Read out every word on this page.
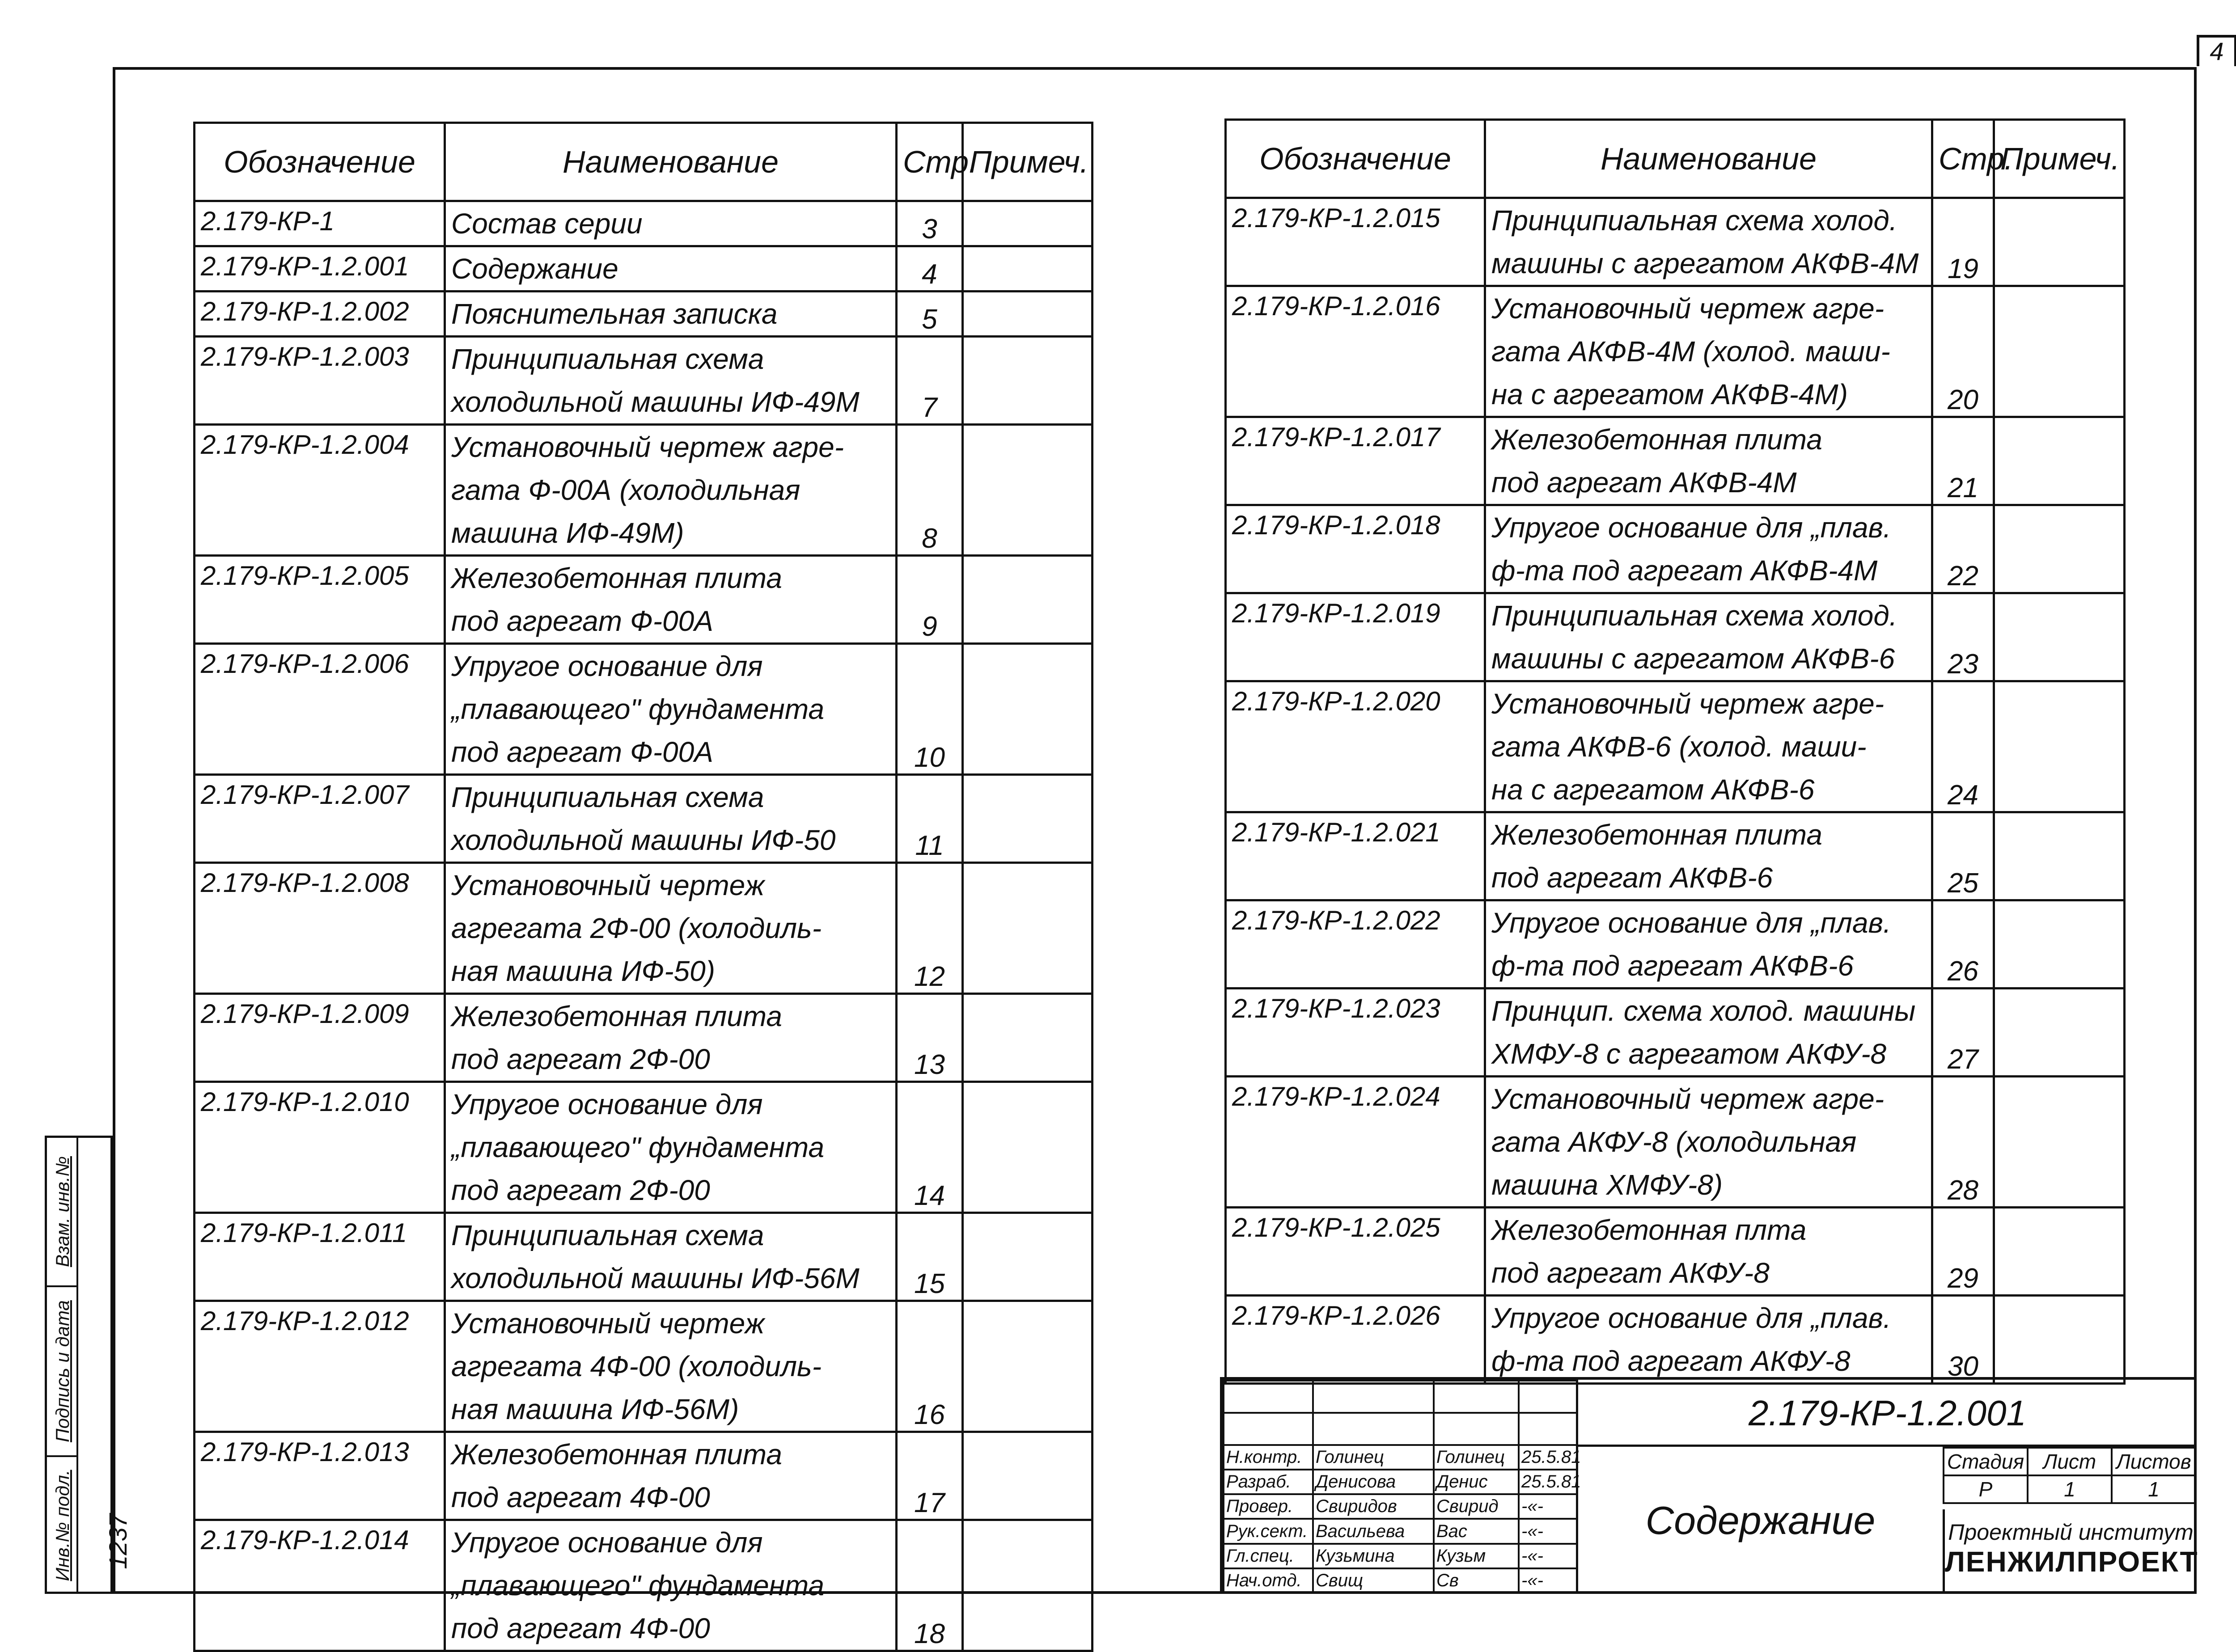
4
Обозначение	Наименование	Стр.	Примеч.
2.179-КР-1	Состав серии	3	
2.179-КР-1.2.001	Содержание	4	
2.179-КР-1.2.002	Пояснительная записка	5	
2.179-КР-1.2.003	Принципиальная схема
холодильной машины ИФ-49М	7	
2.179-КР-1.2.004	Установочный чертеж агре-
гата Ф-00А (холодильная
машина ИФ-49М)	8	
2.179-КР-1.2.005	Железобетонная плита
под агрегат Ф-00А	9	
2.179-КР-1.2.006	Упругое основание для
„плавающего" фундамента
под агрегат Ф-00А	10	
2.179-КР-1.2.007	Принципиальная схема
холодильной машины ИФ-50	11	
2.179-КР-1.2.008	Установочный чертеж
агрегата 2Ф-00 (холодиль-
ная машина ИФ-50)	12	
2.179-КР-1.2.009	Железобетонная плита
под агрегат 2Ф-00	13	
2.179-КР-1.2.010	Упругое основание для
„плавающего" фундамента
под агрегат 2Ф-00	14	
2.179-КР-1.2.011	Принципиальная схема
холодильной машины ИФ-56М	15	
2.179-КР-1.2.012	Установочный чертеж
агрегата 4Ф-00 (холодиль-
ная машина ИФ-56М)	16	
2.179-КР-1.2.013	Железобетонная плита
под агрегат 4Ф-00	17	
2.179-КР-1.2.014	Упругое основание для
„плавающего" фундамента
под агрегат 4Ф-00	18	
Обозначение	Наименование	Стр.	Примеч.
2.179-КР-1.2.015	Принципиальная схема холод.
машины с агрегатом АКФВ-4М	19	
2.179-КР-1.2.016	Установочный чертеж агре-
гата АКФВ-4М (холод. маши-
на с агрегатом АКФВ-4М)	20	
2.179-КР-1.2.017	Железобетонная плита
под агрегат АКФВ-4М	21	
2.179-КР-1.2.018	Упругое основание для „плав.
ф-та под агрегат АКФВ-4М	22	
2.179-КР-1.2.019	Принципиальная схема холод.
машины с агрегатом АКФВ-6	23	
2.179-КР-1.2.020	Установочный чертеж агре-
гата АКФВ-6 (холод. маши-
на с агрегатом АКФВ-6	24	
2.179-КР-1.2.021	Железобетонная плита
под агрегат АКФВ-6	25	
2.179-КР-1.2.022	Упругое основание для „плав.
ф-та под агрегат АКФВ-6	26	
2.179-КР-1.2.023	Принцип. схема холод. машины
ХМФУ-8 с агрегатом АКФУ-8	27	
2.179-КР-1.2.024	Установочный чертеж агре-
гата АКФУ-8 (холодильная
машина ХМФУ-8)	28	
2.179-КР-1.2.025	Железобетонная плта
под агрегат АКФУ-8	29	
2.179-КР-1.2.026	Упругое основание для „плав.
ф-та под агрегат АКФУ-8	30	

Н.контр.	Голинец	Голинец	25.5.81
Разраб.	Денисова	Денис	25.5.81
Провер.	Свиридов	Свирид	-«-
Рук.сект.	Васильева	Вас	-«-
Гл.спец.	Кузьмина	Кузьм	-«-
Нач.отд.	Свищ	Св	-«-
2.179-КР-1.2.001
Содержание
Стадия	Лист	Листов
Р	1	1
Проектный институт
ЛЕНЖИЛПРОЕКТ
Взам. инв.№
Подпись и дата
Инв.№ подл. 1237
